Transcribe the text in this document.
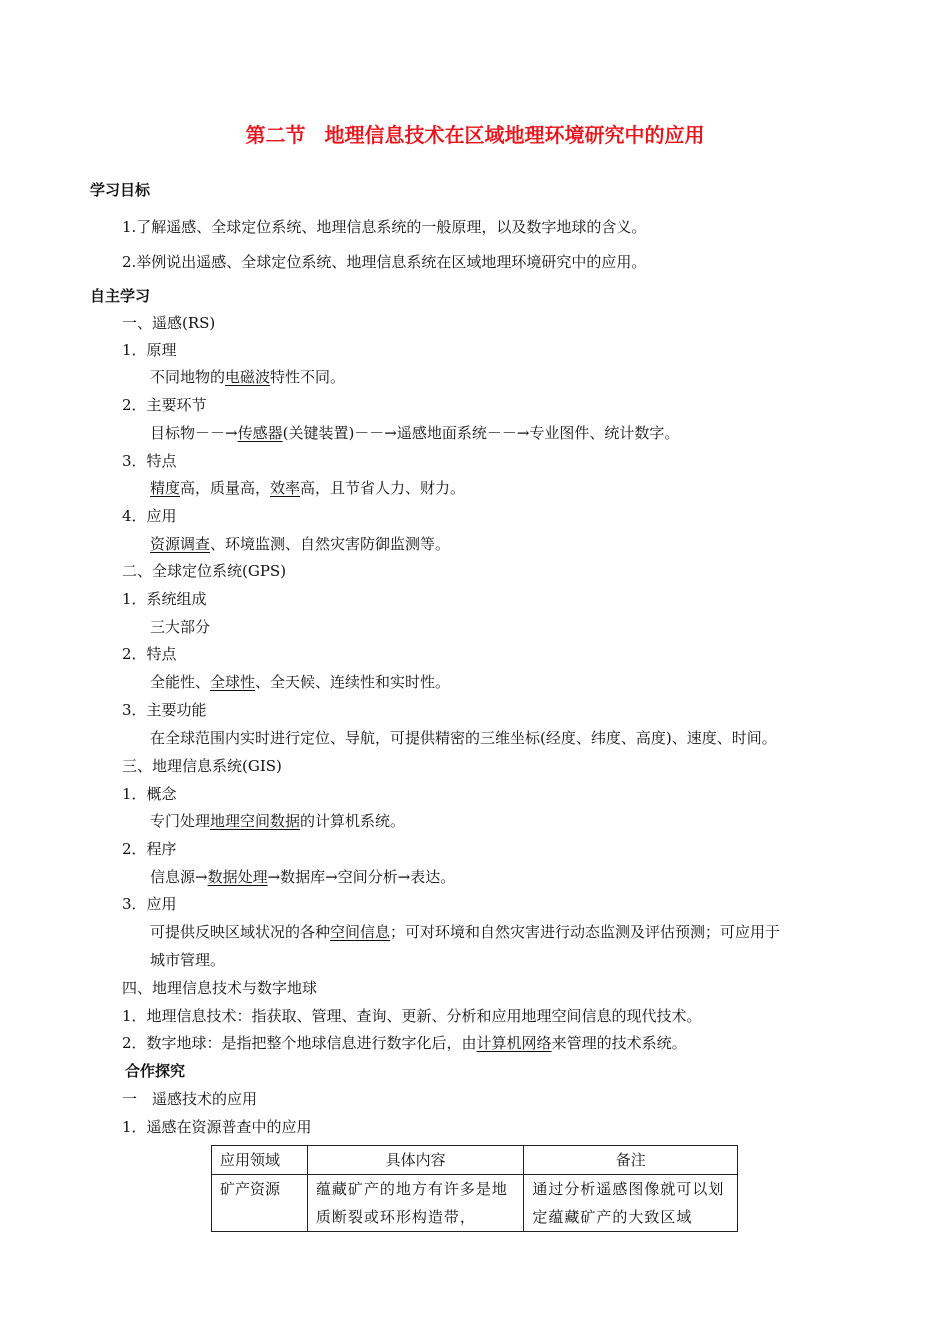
第二节 地理信息技术在区域地理环境研究中的应用
学习目标
1.了解遥感、全球定位系统、地理信息系统的一般原理，以及数字地球的含义。
2.举例说出遥感、全球定位系统、地理信息系统在区域地理环境研究中的应用。
自主学习
一、遥感(RS)
1．原理
不同地物的电磁波特性不同。
2．主要环节
目标物－－→传感器(关键装置)－－→遥感地面系统－－→专业图件、统计数字。
3．特点
精度高，质量高，效率高，且节省人力、财力。
4．应用
资源调查、环境监测、自然灾害防御监测等。
二、全球定位系统(GPS)
1．系统组成
三大部分
2．特点
全能性、全球性、全天候、连续性和实时性。
3．主要功能
在全球范围内实时进行定位、导航，可提供精密的三维坐标(经度、纬度、高度)、速度、时间。
三、地理信息系统(GIS)
1．概念
专门处理地理空间数据的计算机系统。
2．程序
信息源→数据处理→数据库→空间分析→表达。
3．应用
可提供反映区域状况的各种空间信息；可对环境和自然灾害进行动态监测及评估预测；可应用于
城市管理。
四、地理信息技术与数字地球
1．地理信息技术：指获取、管理、查询、更新、分析和应用地理空间信息的现代技术。
2．数字地球：是指把整个地球信息进行数字化后，由计算机网络来管理的技术系统。
合作探究
一　遥感技术的应用
1．遥感在资源普查中的应用
应用领域	具体内容	备注
矿产资源	蕴藏矿产的地方有许多是地质断裂或环形构造带，	通过分析遥感图像就可以划定蕴藏矿产的大致区域
